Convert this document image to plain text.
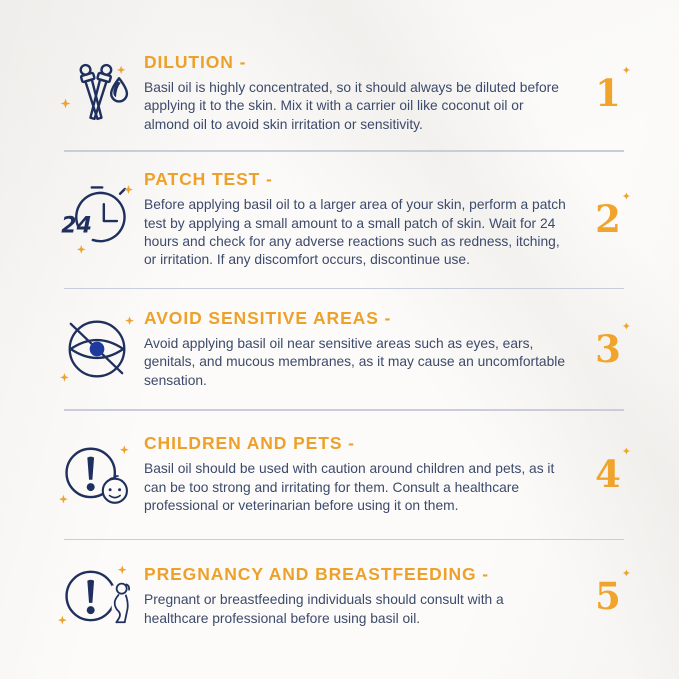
DILUTION -

Basil oil is highly concentrated, so it should always be diluted before applying it to the skin. Mix it with a carrier oil like coconut oil or almond oil to avoid skin irritation or sensitivity.

1 ✦
24
PATCH TEST -

Before applying basil oil to a larger area of your skin, perform a patch test by applying a small amount to a small patch of skin. Wait for 24 hours and check for any adverse reactions such as redness, itching, or irritation. If any discomfort occurs, discontinue use.

2 ✦
AVOID SENSITIVE AREAS -

Avoid applying basil oil near sensitive areas such as eyes, ears, genitals, and mucous membranes, as it may cause an uncomfortable sensation.

3 ✦
CHILDREN AND PETS -

Basil oil should be used with caution around children and pets, as it can be too strong and irritating for them. Consult a healthcare professional or veterinarian before using it on them.

4 ✦
PREGNANCY AND BREASTFEEDING -

Pregnant or breastfeeding individuals should consult with a healthcare professional before using basil oil.

5 ✦
